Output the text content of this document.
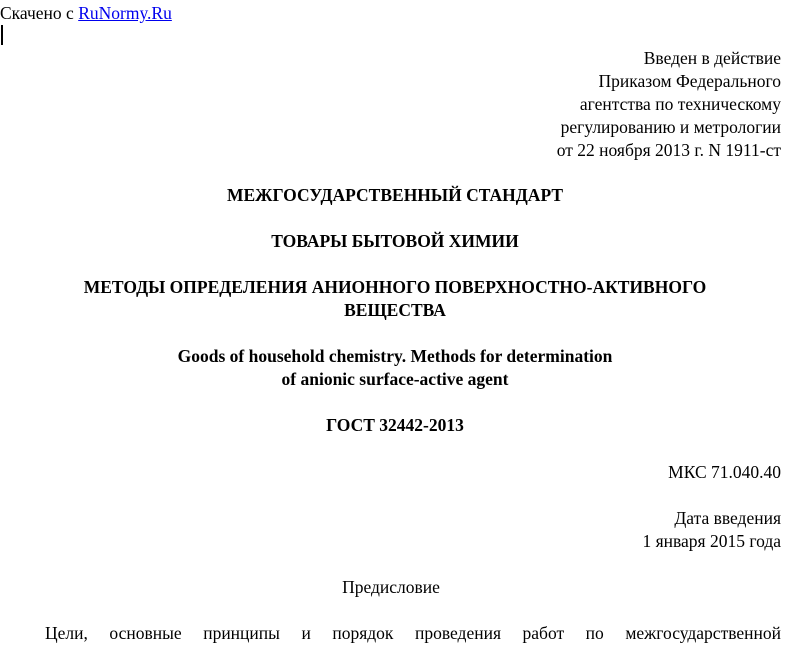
Скачено с RuNormy.Ru
Введен в действие
Приказом Федерального
агентства по техническому
регулированию и метрологии
от 22 ноября 2013 г. N 1911-ст
МЕЖГОСУДАРСТВЕННЫЙ СТАНДАРТ
ТОВАРЫ БЫТОВОЙ ХИМИИ
МЕТОДЫ ОПРЕДЕЛЕНИЯ АНИОННОГО ПОВЕРХНОСТНО-АКТИВНОГО
ВЕЩЕСТВА
Goods of household chemistry. Methods for determination
of anionic surface-active agent
ГОСТ 32442-2013
МКС 71.040.40
Дата введения
1 января 2015 года
Предисловие
Цели, основные принципы и порядок проведения работ по межгосударственной
